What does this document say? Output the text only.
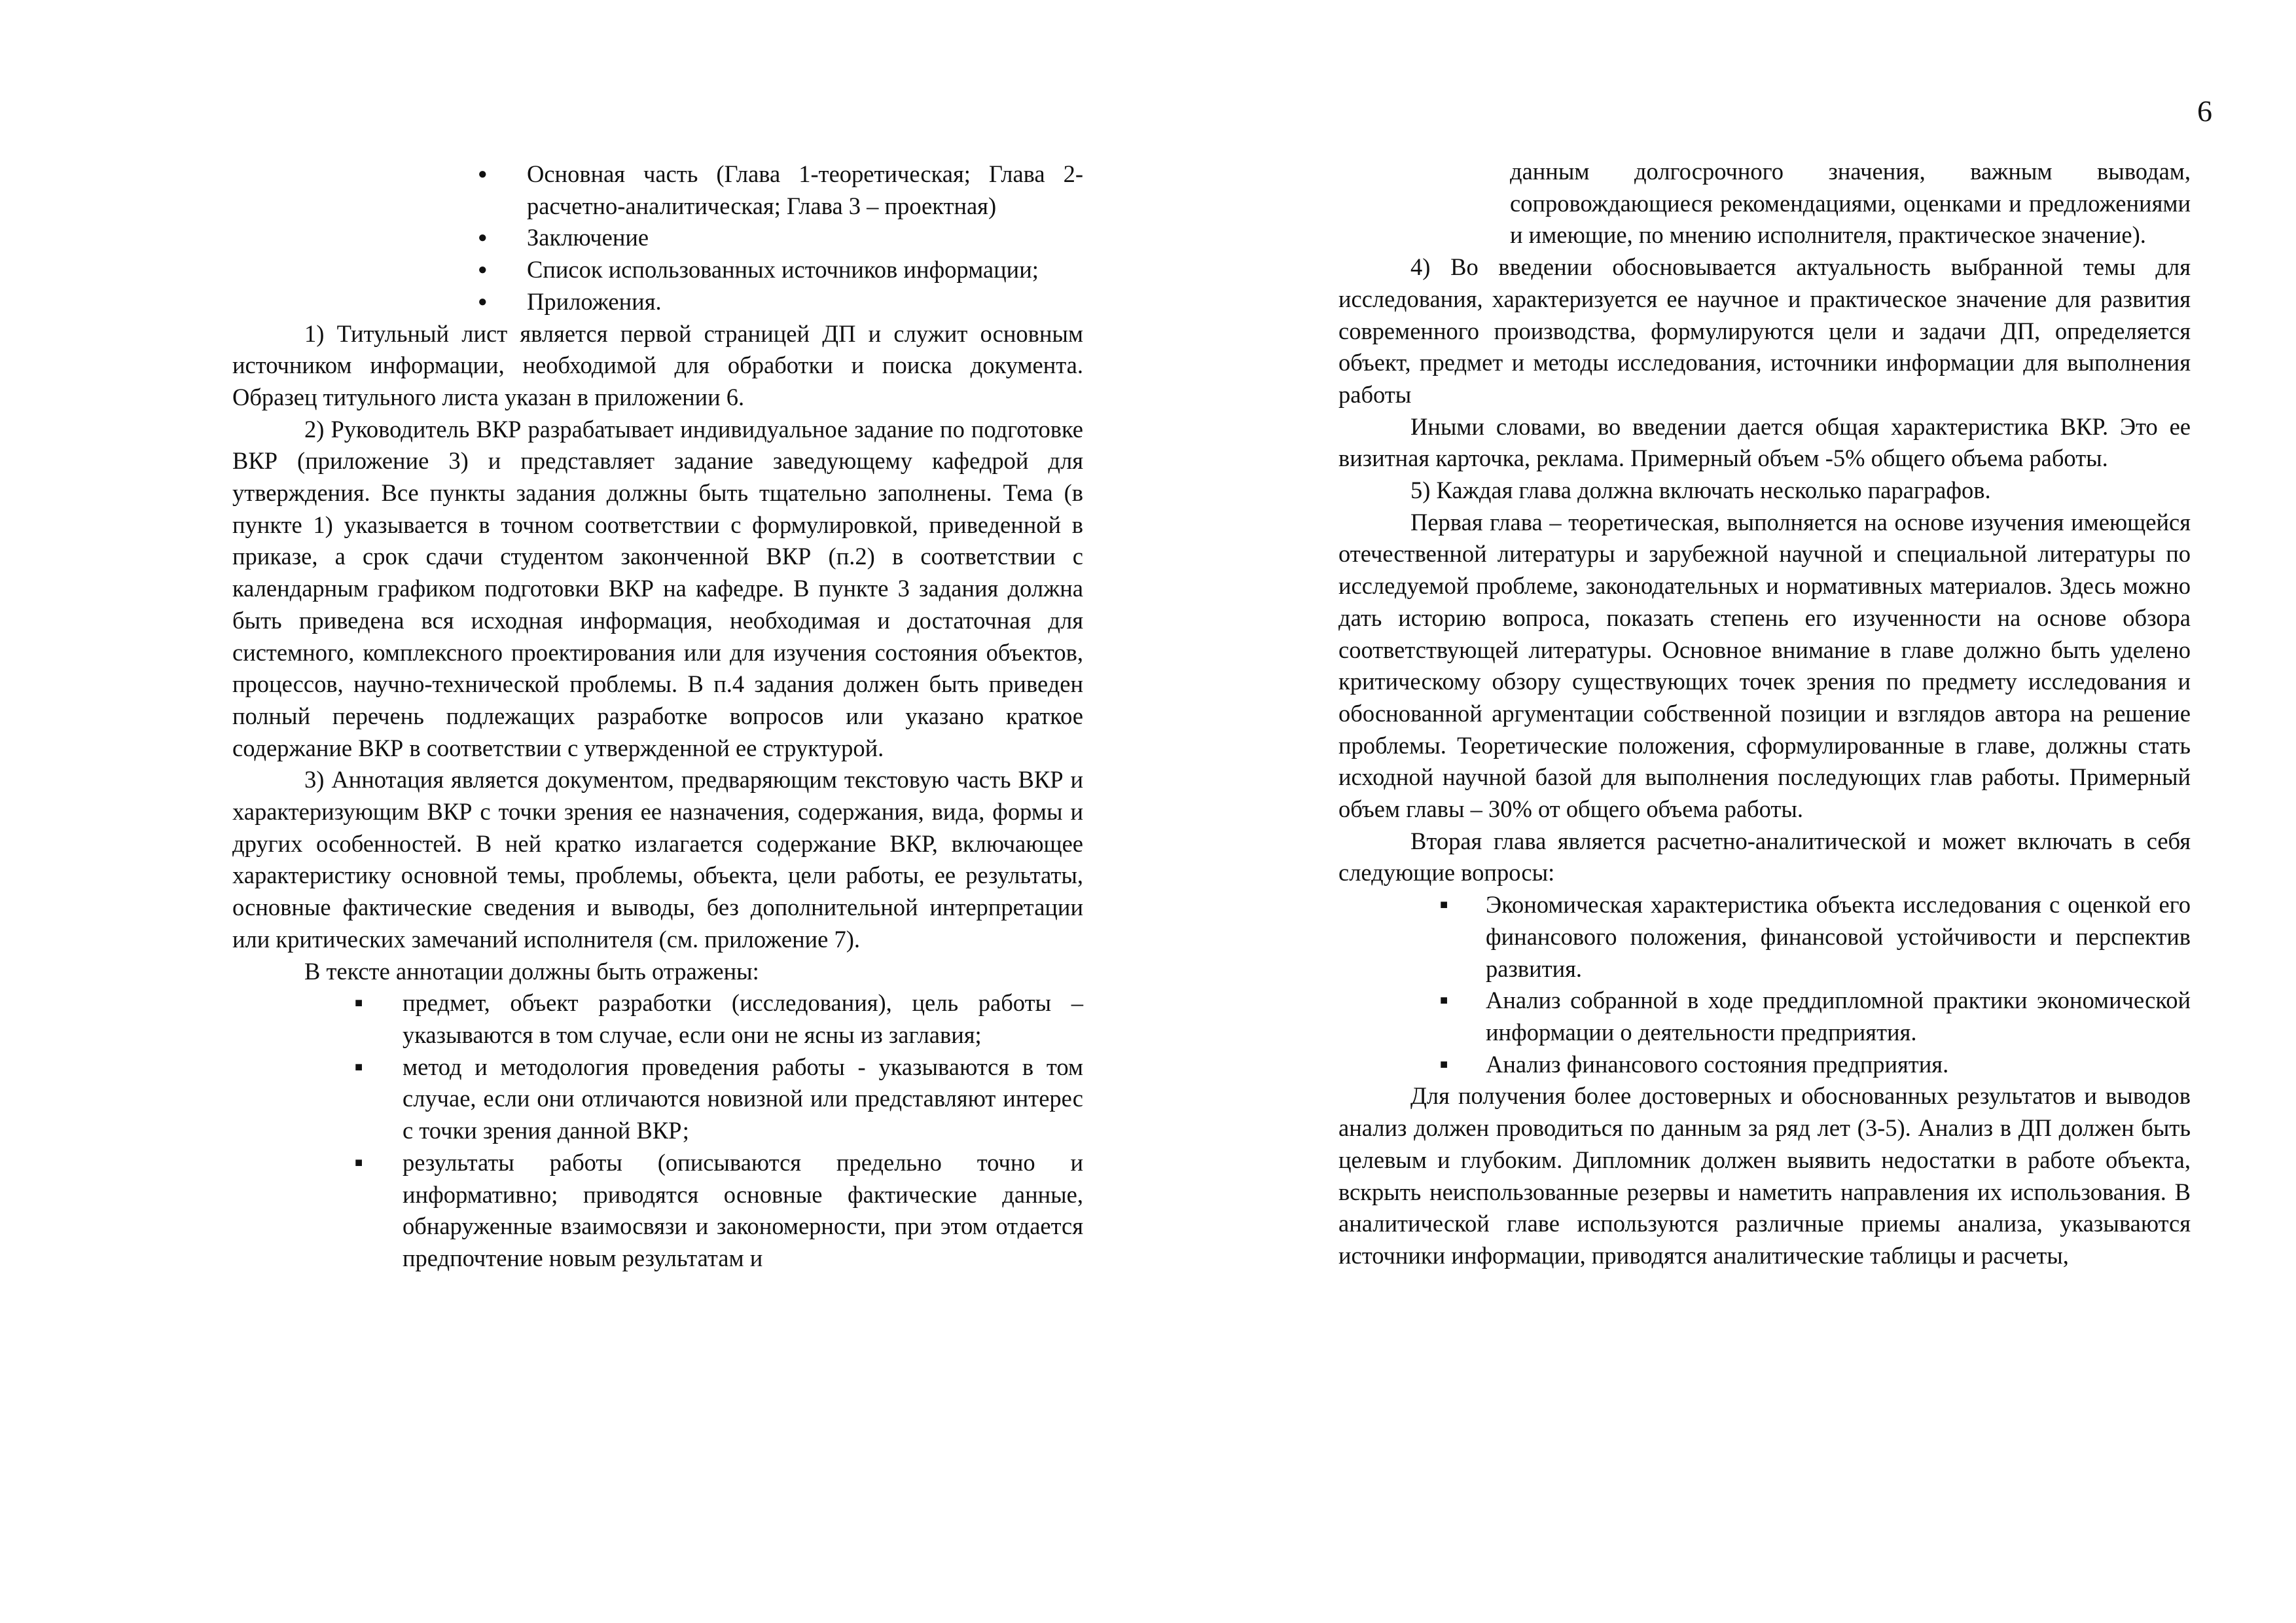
6
● Основная часть (Глава 1-теоретическая; Глава 2-расчетно-аналитическая; Глава 3 – проектная)
● Заключение
● Список использованных источников информации;
● Приложения.

1) Титульный лист является первой страницей ДП и служит основным источником информации, необходимой для обработки и поиска документа. Образец титульного листа указан в приложении 6.

2) Руководитель ВКР разрабатывает индивидуальное задание по подготовке ВКР (приложение 3) и представляет задание заведующему кафедрой для утверждения. Все пункты задания должны быть тщательно заполнены. Тема (в пункте 1) указывается в точном соответствии с формулировкой, приведенной в приказе, а срок сдачи студентом законченной ВКР (п.2) в соответствии с календарным графиком подготовки ВКР на кафедре. В пункте 3 задания должна быть приведена вся исходная информация, необходимая и достаточная для системного, комплексного проектирования или для изучения состояния объектов, процессов, научно-технической проблемы. В п.4 задания должен быть приведен полный перечень подлежащих разработке вопросов или указано краткое содержание ВКР в соответствии с утвержденной ее структурой.

3) Аннотация является документом, предваряющим текстовую часть ВКР и характеризующим ВКР с точки зрения ее назначения, содержания, вида, формы и других особенностей. В ней кратко излагается содержание ВКР, включающее характеристику основной темы, проблемы, объекта, цели работы, ее результаты, основные фактические сведения и выводы, без дополнительной интерпретации или критических замечаний исполнителя (см. приложение 7).

В тексте аннотации должны быть отражены:

■ предмет, объект разработки (исследования), цель работы – указываются в том случае, если они не ясны из заглавия;
■ метод и методология проведения работы - указываются в том случае, если они отличаются новизной или представляют интерес с точки зрения данной ВКР;
■ результаты работы (описываются предельно точно и информативно; приводятся основные фактические данные, обнаруженные взаимосвязи и закономерности, при этом отдается предпочтение новым результатам и

данным долгосрочного значения, важным выводам, сопровождающиеся рекомендациями, оценками и предложениями и имеющие, по мнению исполнителя, практическое значение).

4) Во введении обосновывается актуальность выбранной темы для исследования, характеризуется ее научное и практическое значение для развития современного производства, формулируются цели и задачи ДП, определяется объект, предмет и методы исследования, источники информации для выполнения работы

Иными словами, во введении дается общая характеристика ВКР. Это ее визитная карточка, реклама. Примерный объем -5% общего объема работы.

5) Каждая глава должна включать несколько параграфов.

Первая глава – теоретическая, выполняется на основе изучения имеющейся отечественной литературы и зарубежной научной и специальной литературы по исследуемой проблеме, законодательных и нормативных материалов. Здесь можно дать историю вопроса, показать степень его изученности на основе обзора соответствующей литературы. Основное внимание в главе должно быть уделено критическому обзору существующих точек зрения по предмету исследования и обоснованной аргументации собственной позиции и взглядов автора на решение проблемы. Теоретические положения, сформулированные в главе, должны стать исходной научной базой для выполнения последующих глав работы. Примерный объем главы – 30% от общего объема работы.

Вторая глава является расчетно-аналитической и может включать в себя следующие вопросы:

■ Экономическая характеристика объекта исследования с оценкой его финансового положения, финансовой устойчивости и перспектив развития.
■ Анализ собранной в ходе преддипломной практики экономической информации о деятельности предприятия.
■ Анализ финансового состояния предприятия.

Для получения более достоверных и обоснованных результатов и выводов анализ должен проводиться по данным за ряд лет (3-5). Анализ в ДП должен быть целевым и глубоким. Дипломник должен выявить недостатки в работе объекта, вскрыть неиспользованные резервы и наметить направления их использования. В аналитической главе используются различные приемы анализа, указываются источники информации, приводятся аналитические таблицы и расчеты,
